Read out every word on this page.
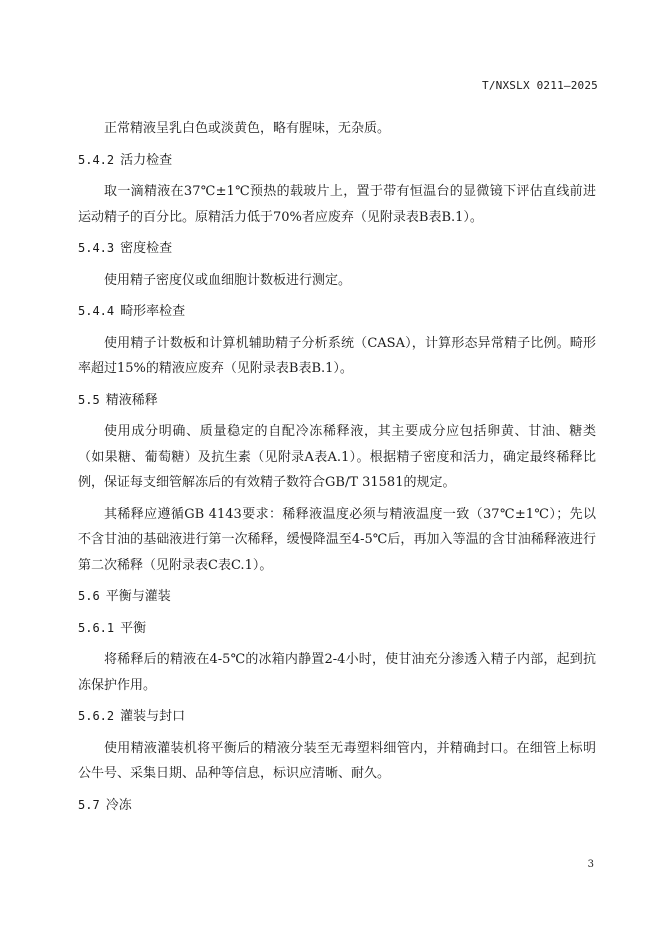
T/NXSLX 0211—2025
正常精液呈乳白色或淡黄色，略有腥味，无杂质。
5.4.2 活力检查
取一滴精液在37℃±1℃预热的载玻片上，置于带有恒温台的显微镜下评估直线前进运动精子的百分比。原精活力低于70%者应废弃（见附录表B表B.1）。
5.4.3 密度检查
使用精子密度仪或血细胞计数板进行测定。
5.4.4 畸形率检查
使用精子计数板和计算机辅助精子分析系统（CASA），计算形态异常精子比例。畸形率超过15%的精液应废弃（见附录表B表B.1）。
5.5 精液稀释
使用成分明确、质量稳定的自配冷冻稀释液，其主要成分应包括卵黄、甘油、糖类（如果糖、葡萄糖）及抗生素（见附录A表A.1）。根据精子密度和活力，确定最终稀释比例，保证每支细管解冻后的有效精子数符合GB/T 31581的规定。
其稀释应遵循GB 4143要求：稀释液温度必须与精液温度一致（37℃±1℃）；先以不含甘油的基础液进行第一次稀释，缓慢降温至4-5℃后，再加入等温的含甘油稀释液进行第二次稀释（见附录表C表C.1）。
5.6 平衡与灌装
5.6.1 平衡
将稀释后的精液在4-5℃的冰箱内静置2-4小时，使甘油充分渗透入精子内部，起到抗冻保护作用。
5.6.2 灌装与封口
使用精液灌装机将平衡后的精液分装至无毒塑料细管内，并精确封口。在细管上标明公牛号、采集日期、品种等信息，标识应清晰、耐久。
5.7 冷冻
3
